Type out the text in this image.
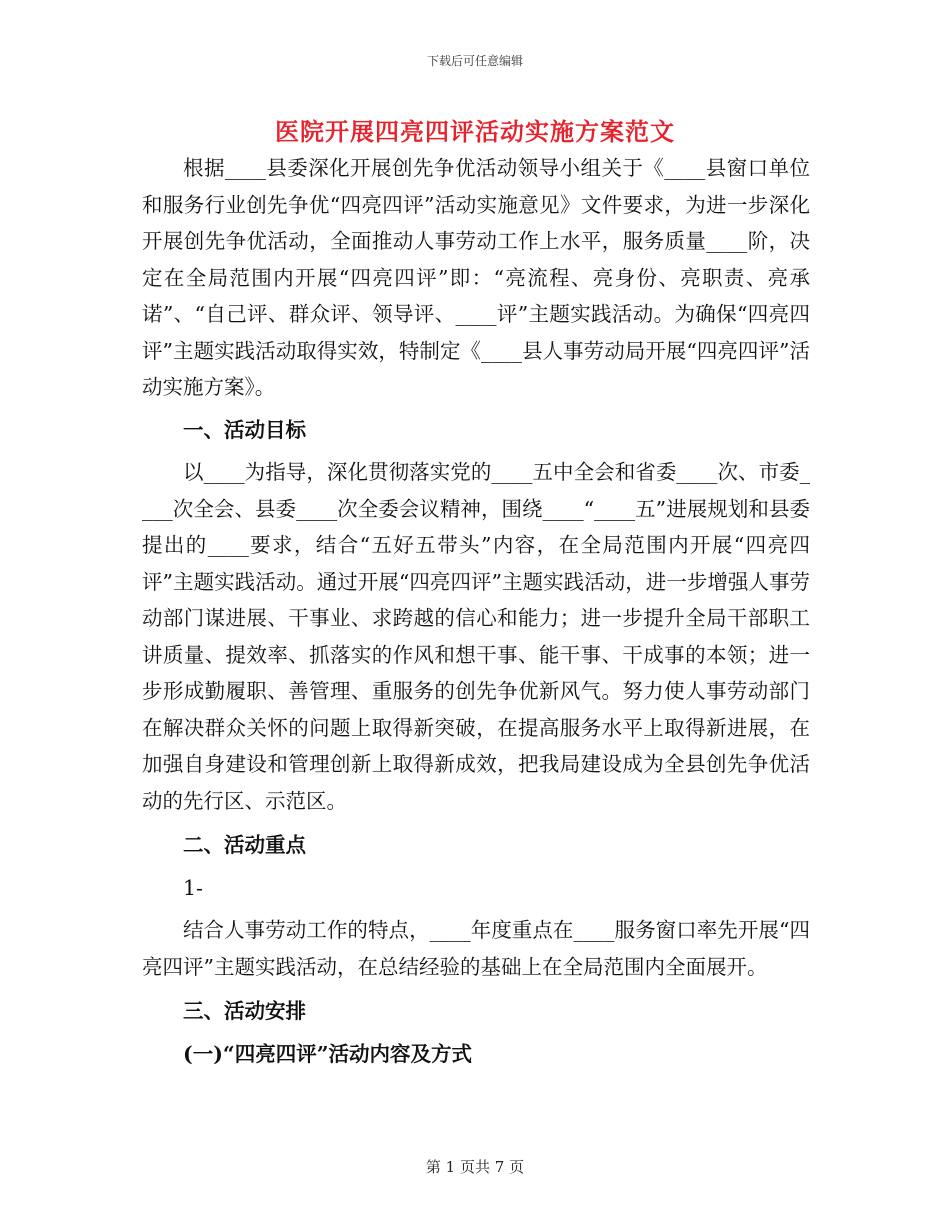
下载后可任意编辑
医院开展四亮四评活动实施方案范文

根据____县委深化开展创先争优活动领导小组关于《____县窗口单位和服务行业创先争优“四亮四评”活动实施意见》文件要求，为进一步深化开展创先争优活动，全面推动人事劳动工作上水平，服务质量____阶，决定在全局范围内开展“四亮四评”即：“亮流程、亮身份、亮职责、亮承诺”、“自己评、群众评、领导评、____评”主题实践活动。为确保“四亮四评”主题实践活动取得实效，特制定《____县人事劳动局开展“四亮四评”活动实施方案》。

一、活动目标

以____为指导，深化贯彻落实党的____五中全会和省委____次、市委____次全会、县委____次全委会议精神，围绕____“____五”进展规划和县委提出的____要求，结合“五好五带头”内容，在全局范围内开展“四亮四评”主题实践活动。通过开展“四亮四评”主题实践活动，进一步增强人事劳动部门谋进展、干事业、求跨越的信心和能力；进一步提升全局干部职工讲质量、提效率、抓落实的作风和想干事、能干事、干成事的本领；进一步形成勤履职、善管理、重服务的创先争优新风气。努力使人事劳动部门在解决群众关怀的问题上取得新突破，在提高服务水平上取得新进展，在加强自身建设和管理创新上取得新成效，把我局建设成为全县创先争优活动的先行区、示范区。

二、活动重点

1-

结合人事劳动工作的特点，____年度重点在____服务窗口率先开展“四亮四评”主题实践活动，在总结经验的基础上在全局范围内全面展开。

三、活动安排

(一)“四亮四评”活动内容及方式

第 1 页共 7 页
